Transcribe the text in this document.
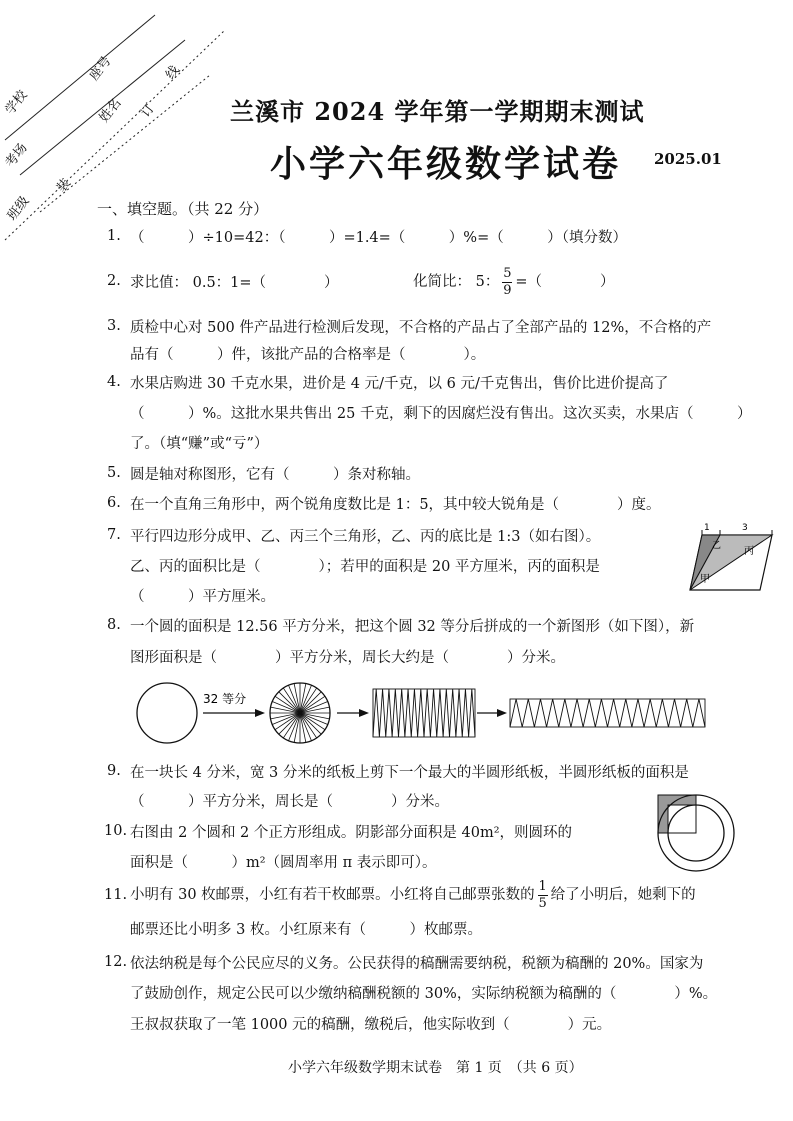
学校
座号	线
考场
姓名 订
班级
装
兰溪市 2024 学年第一学期期末测试
小学六年级数学试卷 2025.01
一、填空题。（共 22 分）
1. （　　　）÷10=42：（　　　）=1.4=（　　　）%=（　　　）（填分数）
2. 求比值： 0.5：1=（　　　　）	化简比： 5： $\frac{5}{9}$ =（　　　　）
3. 质检中心对 500 件产品进行检测后发现，不合格的产品占了全部产品的 12%，不合格的产
品有（　　　）件，该批产品的合格率是（　　　　）。
4. 水果店购进 30 千克水果，进价是 4 元/千克，以 6 元/千克售出，售价比进价提高了
（　　　）%。这批水果共售出 25 千克，剩下的因腐烂没有售出。这次买卖，水果店（　　　）
了。（填“赚”或“亏”）
5. 圆是轴对称图形，它有（　　　）条对称轴。
6. 在一个直角三角形中，两个锐角度数比是 1：5，其中较大锐角是（　　　　）度。
7. 平行四边形分成甲、乙、丙三个三角形，乙、丙的底比是 1:3（如右图）。
乙、丙的面积比是（　　　　）；若甲的面积是 20 平方厘米，丙的面积是
（　　　）平方厘米。
1	3
乙 丙
甲
8. 一个圆的面积是 12.56 平方分米，把这个圆 32 等分后拼成的一个新图形（如下图），新
图形面积是（　　　　）平方分米，周长大约是（　　　　）分米。
32 等分
9. 在一块长 4 分米，宽 3 分米的纸板上剪下一个最大的半圆形纸板，半圆形纸板的面积是
（　　　）平方分米，周长是（　　　　）分米。
10. 右图由 2 个圆和 2 个正方形组成。阴影部分面积是 40m²，则圆环的
面积是（　　　）m²（圆周率用 π 表示即可）。
11. 小明有 30 枚邮票，小红有若干枚邮票。小红将自己邮票张数的 $\frac{1}{5}$ 给了小明后，她剩下的
邮票还比小明多 3 枚。小红原来有（　　　）枚邮票。
12. 依法纳税是每个公民应尽的义务。公民获得的稿酬需要纳税，税额为稿酬的 20%。国家为
了鼓励创作，规定公民可以少缴纳稿酬税额的 30%，实际纳税额为稿酬的（　　　　）%。
王叔叔获取了一笔 1000 元的稿酬，缴税后，他实际收到（　　　　）元。
小学六年级数学期末试卷　第 1 页　（共 6 页）
